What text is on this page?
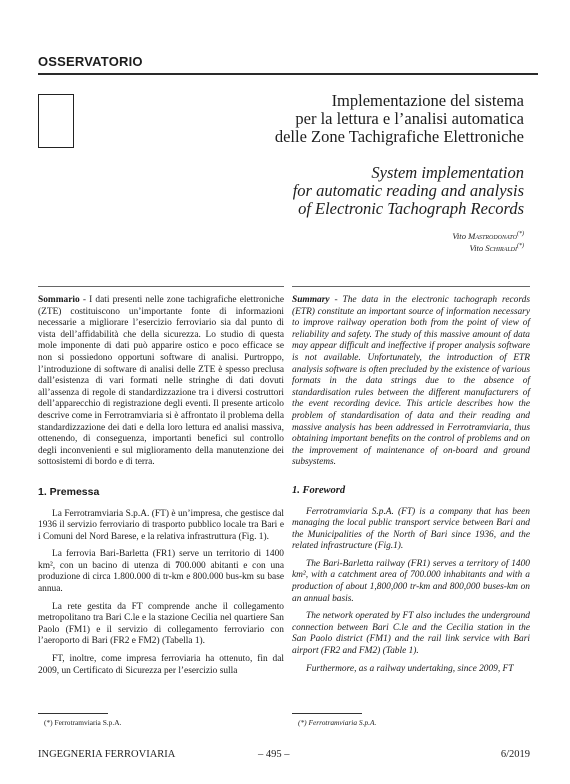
OSSERVATORIO
Implementazione del sistema
per la lettura e l’analisi automatica
delle Zone Tachigrafiche Elettroniche
System implementation
for automatic reading and analysis
of Electronic Tachograph Records
Vito Mastrodonato(*)
Vito Schiraldi(*)

Sommario - I dati presenti nelle zone tachigrafiche elettroniche (ZTE) costituiscono un’importante fonte di informazioni necessarie a migliorare l’esercizio ferroviario sia dal punto di vista dell’affidabilità che della sicurezza. Lo studio di questa mole imponente di dati può apparire ostico e poco efficace se non si possiedono opportuni software di analisi. Purtroppo, l’introduzione di software di analisi delle ZTE è spesso preclusa dall’esistenza di vari formati nelle stringhe di dati dovuti all’assenza di regole di standardizzazione tra i diversi costruttori dell’apparecchio di registrazione degli eventi. Il presente articolo descrive come in Ferrotramviaria si è affrontato il problema della standardizzazione dei dati e della loro lettura ed analisi massiva, ottenendo, di conseguenza, importanti benefici sul controllo degli inconvenienti e sul miglioramento della manutenzione dei sottosistemi di bordo e di terra.

1. Premessa

La Ferrotramviaria S.p.A. (FT) è un’impresa, che gestisce dal 1936 il servizio ferroviario di trasporto pubblico locale tra Bari e i Comuni del Nord Barese, e la relativa infrastruttura (Fig. 1).

La ferrovia Bari-Barletta (FR1) serve un territorio di 1400 km², con un bacino di utenza di 700.000 abitanti e con una produzione di circa 1.800.000 di tr-km e 800.000 bus-km su base annua.

La rete gestita da FT comprende anche il collegamento metropolitano tra Bari C.le e la stazione Cecilia nel quartiere San Paolo (FM1) e il servizio di collegamento ferroviario con l’aeroporto di Bari (FR2 e FM2) (Tabella 1).

FT, inoltre, come impresa ferroviaria ha ottenuto, fin dal 2009, un Certificato di Sicurezza per l’esercizio sulla

Summary - The data in the electronic tachograph records (ETR) constitute an important source of information necessary to improve railway operation both from the point of view of reliability and safety. The study of this massive amount of data may appear difficult and ineffective if proper analysis software is not available. Unfortunately, the introduction of ETR analysis software is often precluded by the existence of various formats in the data strings due to the absence of standardisation rules between the different manufacturers of the event recording device. This article describes how the problem of standardisation of data and their reading and massive analysis has been addressed in Ferrotramviaria, thus obtaining important benefits on the control of problems and on the improvement of maintenance of on-board and ground subsystems.

1. Foreword

Ferrotramviaria S.p.A. (FT) is a company that has been managing the local public transport service between Bari and the Municipalities of the North of Bari since 1936, and the related infrastructure (Fig.1).

The Bari-Barletta railway (FR1) serves a territory of 1400 km², with a catchment area of 700.000 inhabitants and with a production of about 1,800,000 tr-km and 800,000 buses-km on an annual basis.

The network operated by FT also includes the underground connection between Bari C.le and the Cecilia station in the San Paolo district (FM1) and the rail link service with Bari airport (FR2 and FM2) (Table 1).

Furthermore, as a railway undertaking, since 2009, FT

(*) Ferrotramviaria S.p.A.	(*) Ferrotramviaria S.p.A.
INGEGNERIA FERROVIARIA	– 495 –	6/2019
